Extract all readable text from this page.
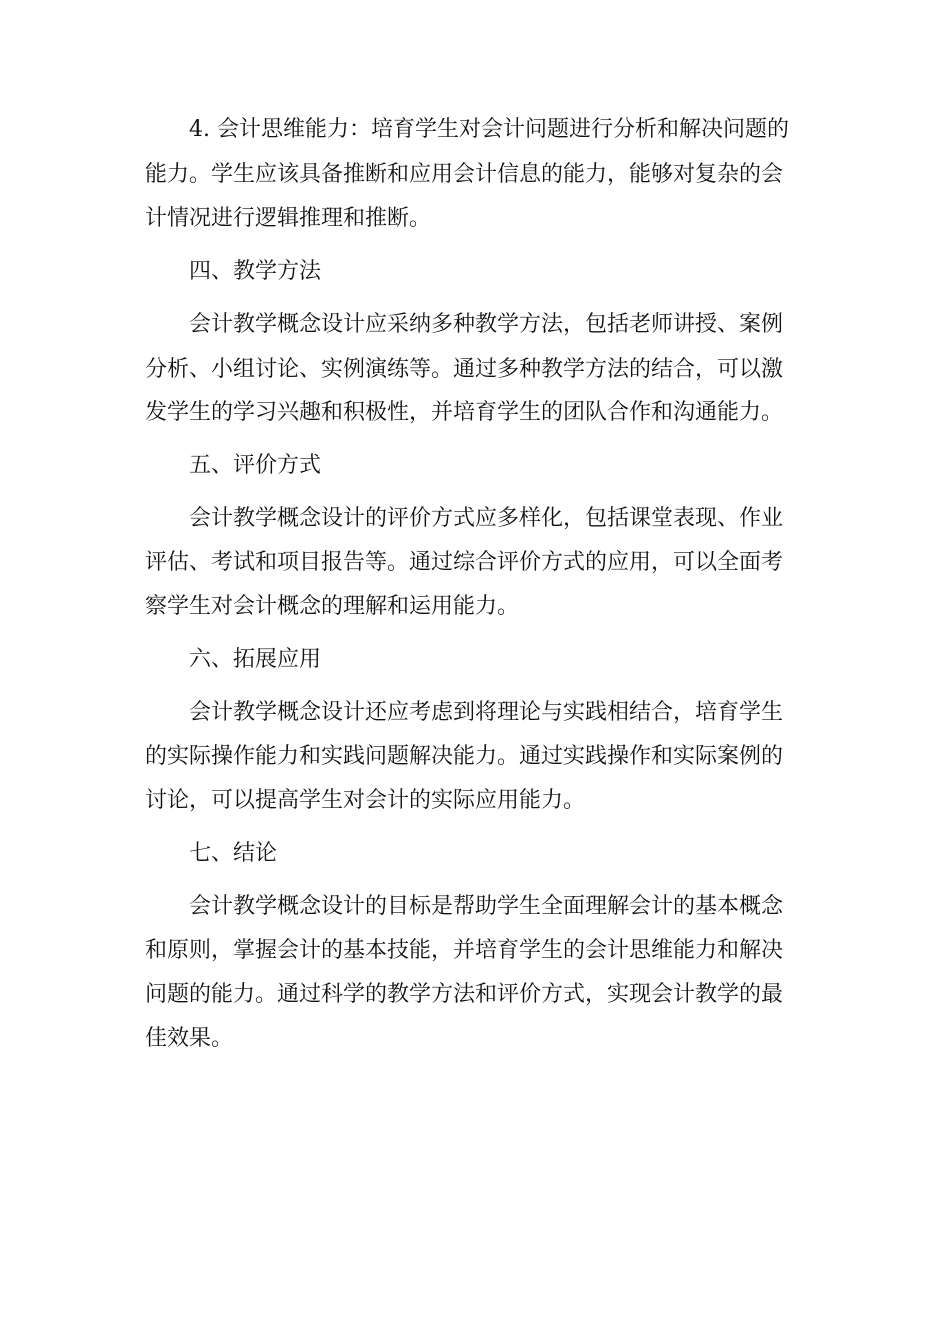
4. 会计思维能力：培育学生对会计问题进行分析和解决问题的
能力。学生应该具备推断和应用会计信息的能力，能够对复杂的会
计情况进行逻辑推理和推断。
四、教学方法
会计教学概念设计应采纳多种教学方法，包括老师讲授、案例
分析、小组讨论、实例演练等。通过多种教学方法的结合，可以激
发学生的学习兴趣和积极性，并培育学生的团队合作和沟通能力。
五、评价方式
会计教学概念设计的评价方式应多样化，包括课堂表现、作业
评估、考试和项目报告等。通过综合评价方式的应用，可以全面考
察学生对会计概念的理解和运用能力。
六、拓展应用
会计教学概念设计还应考虑到将理论与实践相结合，培育学生
的实际操作能力和实践问题解决能力。通过实践操作和实际案例的
讨论，可以提高学生对会计的实际应用能力。
七、结论
会计教学概念设计的目标是帮助学生全面理解会计的基本概念
和原则，掌握会计的基本技能，并培育学生的会计思维能力和解决
问题的能力。通过科学的教学方法和评价方式，实现会计教学的最
佳效果。
